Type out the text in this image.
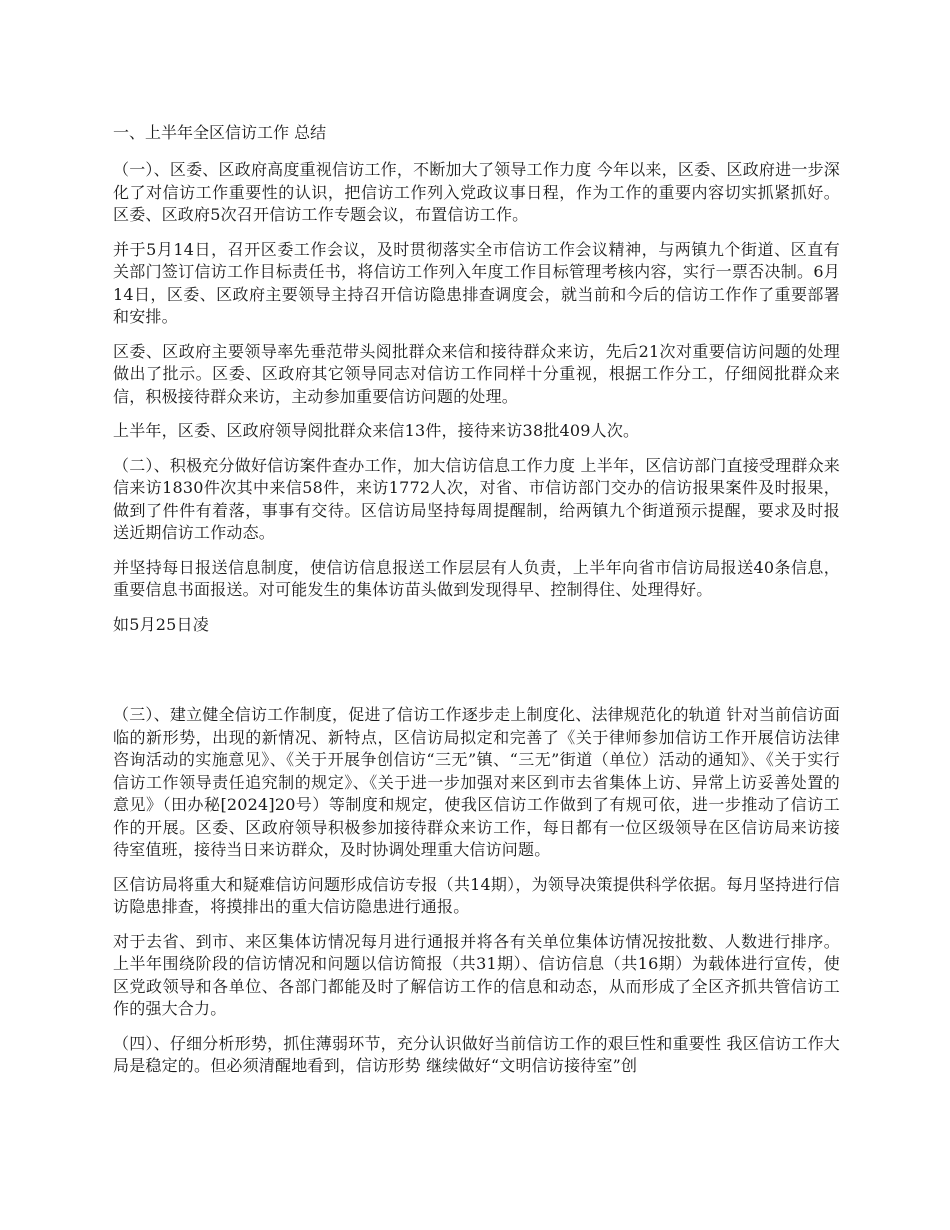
一、上半年全区信访工作 总结

（一）、区委、区政府高度重视信访工作，不断加大了领导工作力度 今年以来，区委、区政府进一步深化了对信访工作重要性的认识，把信访工作列入党政议事日程，作为工作的重要内容切实抓紧抓好。区委、区政府5次召开信访工作专题会议，布置信访工作。

并于5月14日，召开区委工作会议，及时贯彻落实全市信访工作会议精神，与两镇九个街道、区直有关部门签订信访工作目标责任书，将信访工作列入年度工作目标管理考核内容，实行一票否决制。6月14日，区委、区政府主要领导主持召开信访隐患排查调度会，就当前和今后的信访工作作了重要部署和安排。

区委、区政府主要领导率先垂范带头阅批群众来信和接待群众来访，先后21次对重要信访问题的处理做出了批示。区委、区政府其它领导同志对信访工作同样十分重视，根据工作分工，仔细阅批群众来信，积极接待群众来访，主动参加重要信访问题的处理。

上半年，区委、区政府领导阅批群众来信13件，接待来访38批409人次。

（二）、积极充分做好信访案件查办工作，加大信访信息工作力度 上半年，区信访部门直接受理群众来信来访1830件次其中来信58件，来访1772人次，对省、市信访部门交办的信访报果案件及时报果，做到了件件有着落，事事有交待。区信访局坚持每周提醒制，给两镇九个街道预示提醒，要求及时报送近期信访工作动态。

并坚持每日报送信息制度，使信访信息报送工作层层有人负责，上半年向省市信访局报送40条信息，重要信息书面报送。对可能发生的集体访苗头做到发现得早、控制得住、处理得好。

如5月25日凌

（三）、建立健全信访工作制度，促进了信访工作逐步走上制度化、法律规范化的轨道 针对当前信访面临的新形势，出现的新情况、新特点，区信访局拟定和完善了《关于律师参加信访工作开展信访法律咨询活动的实施意见》、《关于开展争创信访“三无”镇、“三无”街道（单位）活动的通知》、《关于实行信访工作领导责任追究制的规定》、《关于进一步加强对来区到市去省集体上访、异常上访妥善处置的意见》（田办秘[2024]20号）等制度和规定，使我区信访工作做到了有规可依，进一步推动了信访工作的开展。区委、区政府领导积极参加接待群众来访工作，每日都有一位区级领导在区信访局来访接待室值班，接待当日来访群众，及时协调处理重大信访问题。

区信访局将重大和疑难信访问题形成信访专报（共14期），为领导决策提供科学依据。每月坚持进行信访隐患排查，将摸排出的重大信访隐患进行通报。

对于去省、到市、来区集体访情况每月进行通报并将各有关单位集体访情况按批数、人数进行排序。上半年围绕阶段的信访情况和问题以信访简报（共31期）、信访信息（共16期）为载体进行宣传，使区党政领导和各单位、各部门都能及时了解信访工作的信息和动态，从而形成了全区齐抓共管信访工作的强大合力。

（四）、仔细分析形势，抓住薄弱环节，充分认识做好当前信访工作的艰巨性和重要性 我区信访工作大局是稳定的。但必须清醒地看到，信访形势 继续做好“文明信访接待室”创
